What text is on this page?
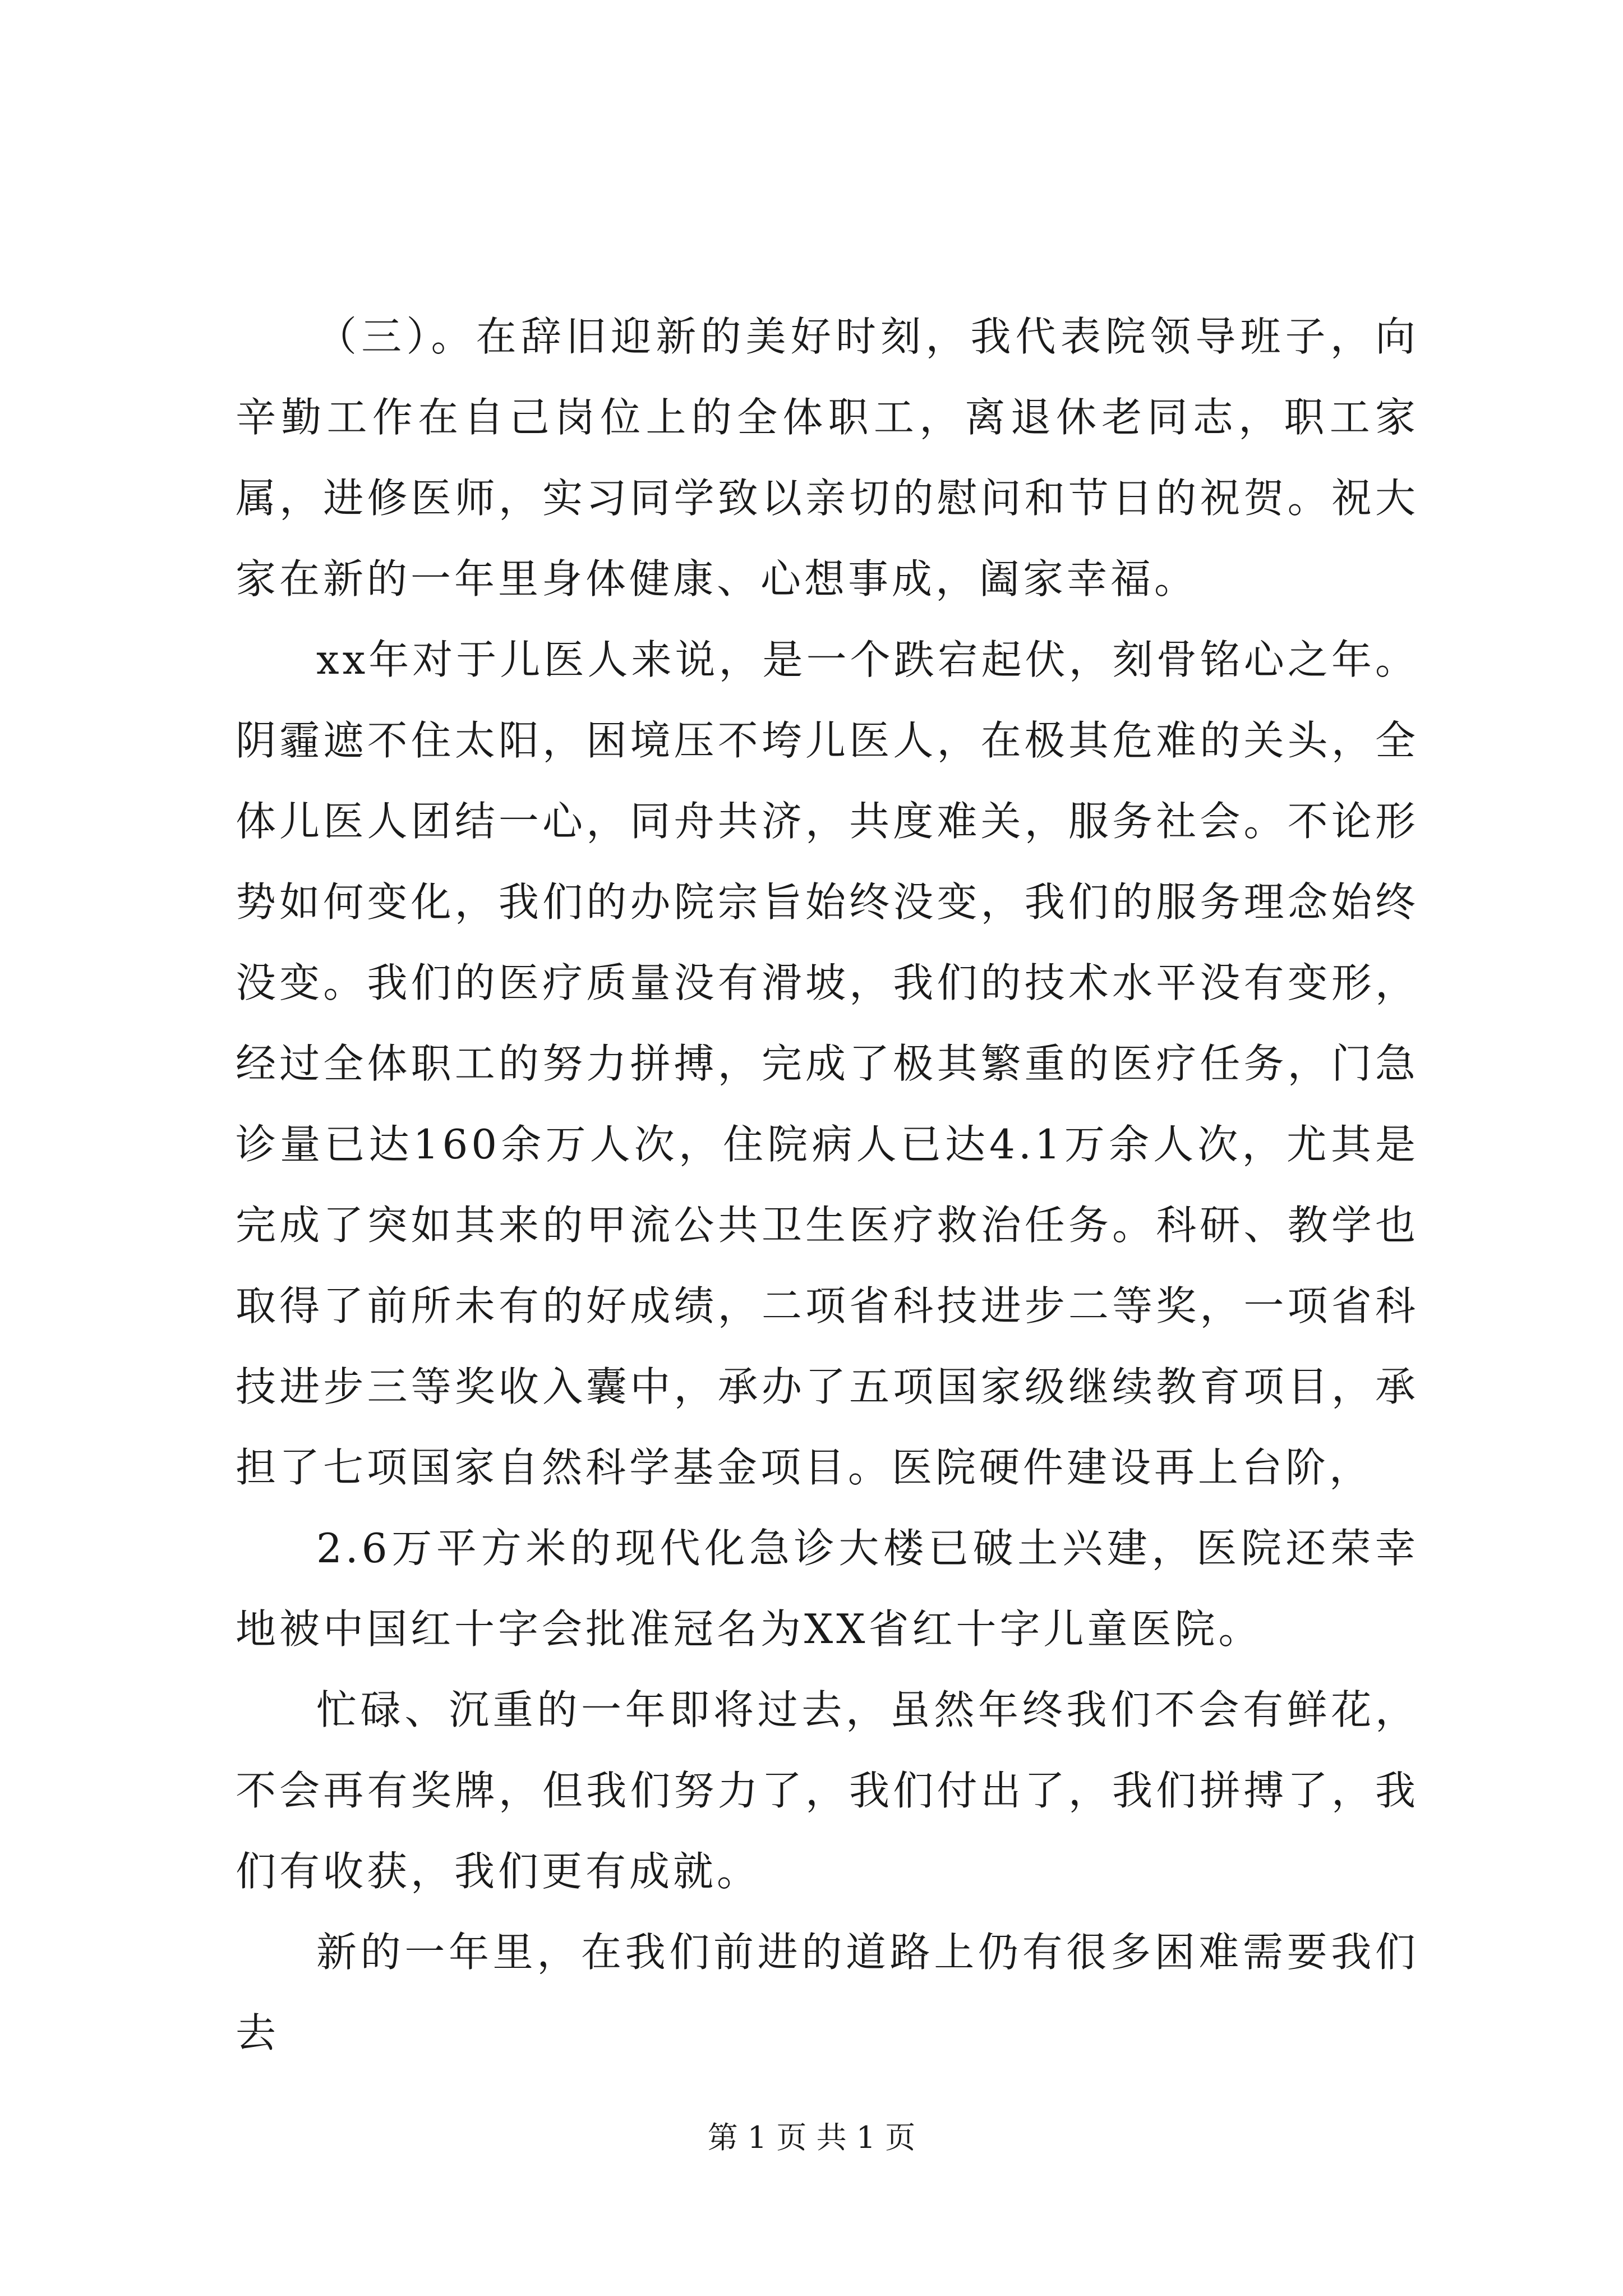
（三）。在辞旧迎新的美好时刻，我代表院领导班子，向辛勤工作在自己岗位上的全体职工，离退休老同志，职工家属，进修医师，实习同学致以亲切的慰问和节日的祝贺。祝大家在新的一年里身体健康、心想事成，阖家幸福。

xx年对于儿医人来说，是一个跌宕起伏，刻骨铭心之年。阴霾遮不住太阳，困境压不垮儿医人，在极其危难的关头，全体儿医人团结一心，同舟共济，共度难关，服务社会。不论形势如何变化，我们的办院宗旨始终没变，我们的服务理念始终没变。我们的医疗质量没有滑坡，我们的技术水平没有变形，经过全体职工的努力拼搏，完成了极其繁重的医疗任务，门急诊量已达160余万人次，住院病人已达4.1万余人次，尤其是完成了突如其来的甲流公共卫生医疗救治任务。科研、教学也取得了前所未有的好成绩，二项省科技进步二等奖，一项省科技进步三等奖收入囊中，承办了五项国家级继续教育项目，承担了七项国家自然科学基金项目。医院硬件建设再上台阶，

2.6万平方米的现代化急诊大楼已破土兴建，医院还荣幸地被中国红十字会批准冠名为XX省红十字儿童医院。

忙碌、沉重的一年即将过去，虽然年终我们不会有鲜花，不会再有奖牌，但我们努力了，我们付出了，我们拼搏了，我们有收获，我们更有成就。

新的一年里，在我们前进的道路上仍有很多困难需要我们去

第 1 页 共 1 页
